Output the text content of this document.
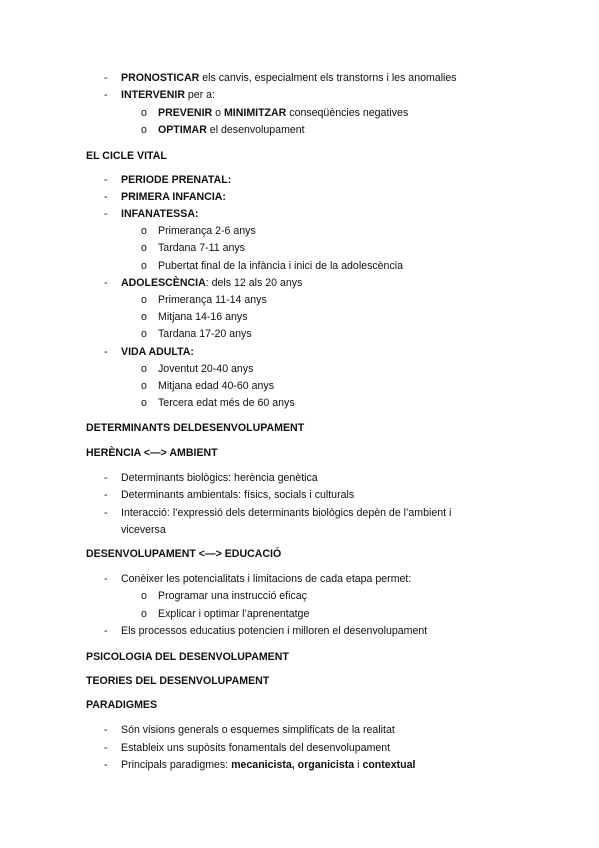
-	PRONOSTICAR els canvis, especialment els transtorns i les anomalies
-	INTERVENIR per a:
o PREVENIR o MINIMITZAR conseqüències negatives
o OPTIMAR el desenvolupament
EL CICLE VITAL
-	PERIODE PRENATAL:
-	PRIMERA INFANCIA:
-	INFANATESSA:
o Primerança 2-6 anys
o Tardana 7-11 anys
o Pubertat final de la infància i inici de la adolescència
-	ADOLESCÈNCIA: dels 12 als 20 anys
o Primerança 11-14 anys
o Mitjana 14-16 anys
o Tardana 17-20 anys
-	VIDA ADULTA:
o Joventut 20-40 anys
o Mitjana edad 40-60 anys
o Tercera edat més de 60 anys
DETERMINANTS DELDESENVOLUPAMENT
HERÈNCIA <—> AMBIENT
-	Determinants biològics: herència genètica
-	Determinants ambientals: físics, socials i culturals
-	Interacció: l’expressió dels determinants biològics depèn de l’ambient i
viceversa
DESENVOLUPAMENT <—> EDUCACIÓ
-	Conèixer les potencialitats i limitacions de cada etapa permet:
o Programar una instrucció eficaç
o Explicar i optimar l’aprenentatge
-	Els processos educatius potencien i milloren el desenvolupament
PSICOLOGIA DEL DESENVOLUPAMENT
TEORIES DEL DESENVOLUPAMENT
PARADIGMES
-	Són visions generals o esquemes simplificats de la realitat
-	Estableix uns supòsits fonamentals del desenvolupament
-	Principals paradigmes: mecanicista, organicista i contextual
